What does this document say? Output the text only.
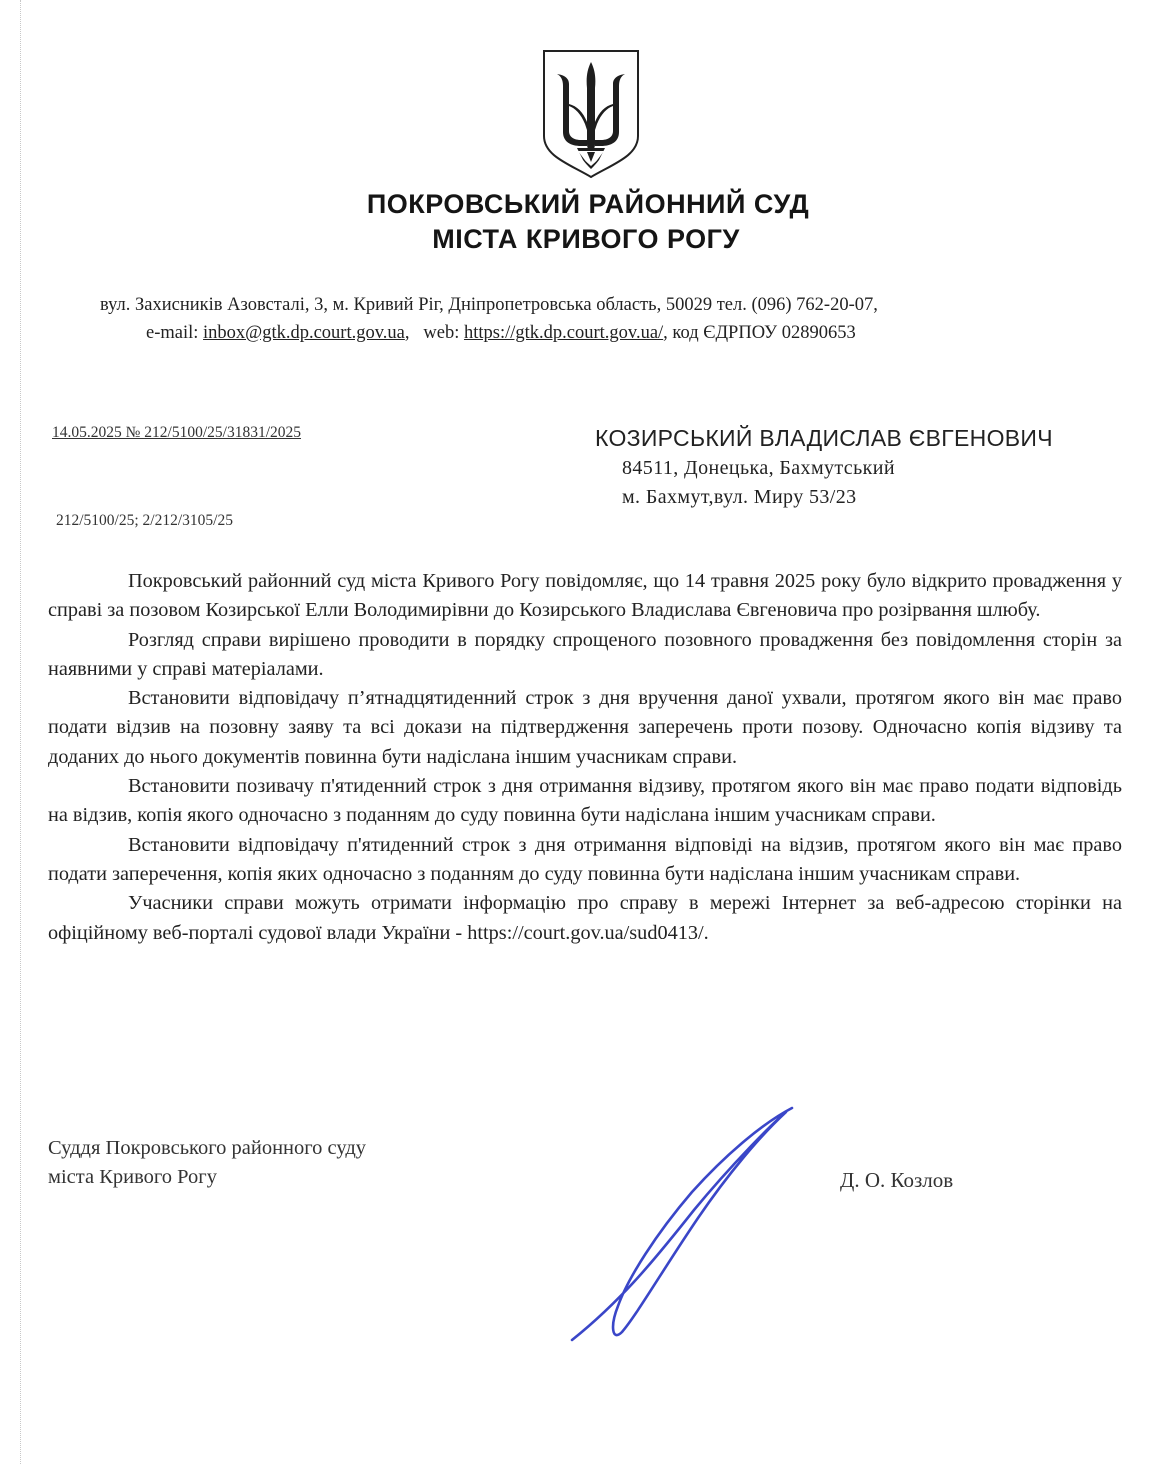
ПОКРОВСЬКИЙ РАЙОННИЙ СУД
МІСТА КРИВОГО РОГУ
вул. Захисників Азовсталі, 3, м. Кривий Ріг, Дніпропетровська область, 50029 тел. (096) 762-20-07,
e-mail: inbox@gtk.dp.court.gov.ua,   web: https://gtk.dp.court.gov.ua/, код ЄДРПОУ 02890653
14.05.2025 № 212/5100/25/31831/2025
212/5100/25; 2/212/3105/25
КОЗИРСЬКИЙ ВЛАДИСЛАВ ЄВГЕНОВИЧ
84511, Донецька, Бахмутський
м. Бахмут,вул. Миру 53/23

Покровський районний суд міста Кривого Рогу повідомляє, що 14 травня 2025 року було відкрито провадження у справі за позовом Козирської Елли Володимирівни до Козирського Владислава Євгеновича про розірвання шлюбу.

Розгляд справи вирішено проводити в порядку спрощеного позовного провадження без повідомлення сторін за наявними у справі матеріалами.

Встановити відповідачу п’ятнадцятиденний строк з дня вручення даної ухвали, протягом якого він має право подати відзив на позовну заяву та всі докази на підтвердження заперечень проти позову. Одночасно копія відзиву та доданих до нього документів повинна бути надіслана іншим учасникам справи.

Встановити позивачу п'ятиденний строк з дня отримання відзиву, протягом якого він має право подати відповідь на відзив, копія якого одночасно з поданням до суду повинна бути надіслана іншим учасникам справи.

Встановити відповідачу п'ятиденний строк з дня отримання відповіді на відзив, протягом якого він має право подати заперечення, копія яких одночасно з поданням до суду повинна бути надіслана іншим учасникам справи.

Учасники справи можуть отримати інформацію про справу в мережі Інтернет за веб-адресою сторінки на офіційному веб-порталі судової влади України - https://court.gov.ua/sud0413/.

Суддя Покровського районного суду
міста Кривого Рогу	Д. О. Козлов
